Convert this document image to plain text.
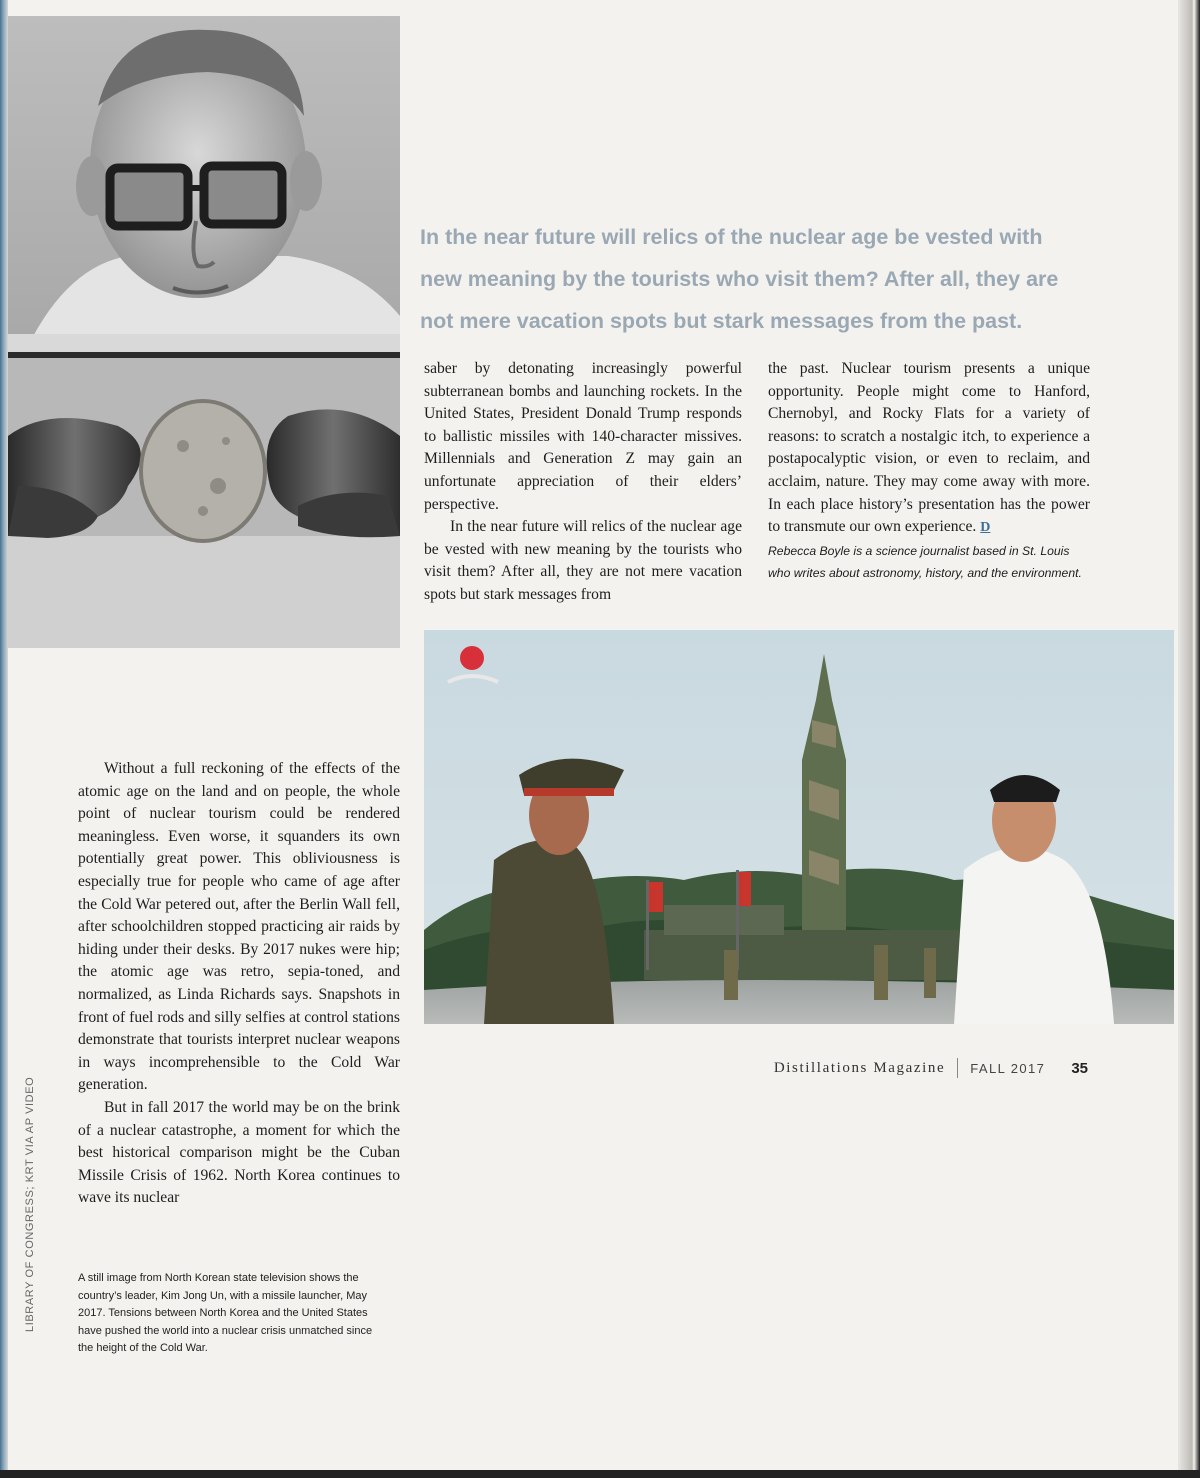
In the near future will relics of the nuclear age be vested with new meaning by the tourists who visit them? After all, they are not mere vacation spots but stark messages from the past.

saber by detonating increasingly powerful subterranean bombs and launching rockets. In the United States, President Donald Trump responds to ballistic missiles with 140-character missives. Millennials and Generation Z may gain an unfortunate appreciation of their elders’ perspective.

In the near future will relics of the nuclear age be vested with new meaning by the tourists who visit them? After all, they are not mere vacation spots but stark messages from

the past. Nuclear tourism presents a unique opportunity. People might come to Hanford, Chernobyl, and Rocky Flats for a variety of reasons: to scratch a nostalgic itch, to experience a postapocalyptic vision, or even to reclaim, and acclaim, nature. They may come away with more. In each place history’s presentation has the power to transmute our own experience. D

Rebecca Boyle is a science journalist based in St. Louis who writes about astronomy, history, and the environment.

Without a full reckoning of the effects of the atomic age on the land and on people, the whole point of nuclear tourism could be rendered meaningless. Even worse, it squanders its own potentially great power. This obliviousness is especially true for people who came of age after the Cold War petered out, after the Berlin Wall fell, after schoolchildren stopped practicing air raids by hiding under their desks. By 2017 nukes were hip; the atomic age was retro, sepia-toned, and normalized, as Linda Richards says. Snapshots in front of fuel rods and silly selfies at control stations demonstrate that tourists interpret nuclear weapons in ways incomprehensible to the Cold War generation.

But in fall 2017 the world may be on the brink of a nuclear catastrophe, a moment for which the best historical comparison might be the Cuban Missile Crisis of 1962. North Korea continues to wave its nuclear

A still image from North Korean state television shows the country’s leader, Kim Jong Un, with a missile launcher, May 2017. Tensions between North Korea and the United States have pushed the world into a nuclear crisis unmatched since the height of the Cold War.

LIBRARY OF CONGRESS; KRT VIA AP VIDEO
Distillations Magazine FALL 2017 35
